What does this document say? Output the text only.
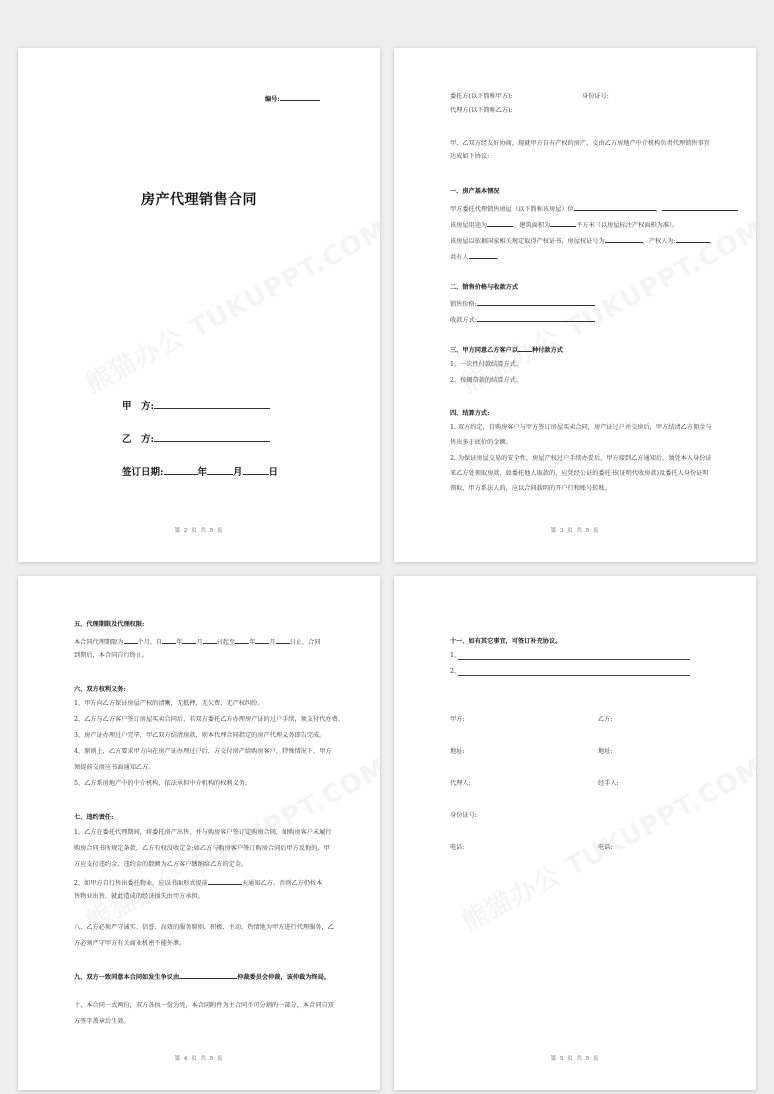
编号:
房产代理销售合同
甲　方:
乙　方:
签订日期:	年	月	日
第 2 页 共 5 页
委托方(以下简称甲方):	身份证号:
代理方(以下简称乙方):
甲、乙双方经友好协商，现就甲方自有产权的房产，交由乙方房地产中介机构负责代理销售事宜
达成如下协议:
一、房产基本情况
甲方委托代理销售房屋（以下简称该房屋）位	，
该房屋用途为	，建筑面积为	平方米（以房屋标注产权面积为准）。
该房屋以依据国家相关规定取得产权证书，房屋权证号为	，产权人为:	，
共有人	。
二、销售价格与收款方式
销售价格:
收款方式:
三、甲方同意乙方客户以 种付款方式
1、一次性付款结算方式。
2、按揭贷款的结算方式。
四、结算方式:
1. 双方约定，自购房客户与甲方签订房屋买卖合同，房产证过户并交房后，甲方结清乙方佣金与
售出多于底价的金额。
2. 为保证房屋交易的安全性，房屋产权过户手续办妥后，甲方接到乙方通知后，须凭本人身份证
来乙方处领取房款，如委托他人取款的，应凭经公证的委托书(证明代收房款)及委托人身份证明
领取，甲方系法人的，应以合同载明的开户行和账号转账。
第 3 页 共 5 页
五、代理期限及代理权限:
本合同代理期限为 个月，自 年 月 日起至 年 月 日止，合同
到期后，本合同自行终止。
六、双方权利义务:
1、甲方向乙方保证房屋产权的清晰，无抵押，无欠费，无产权纠纷。
2、乙方与乙方客户签订房屋买卖合同后，若双方委托乙方办理房产证的过户手续，须支付代办费。
3、房产证办理过户完毕，甲乙双方结清房款，则本代理合同指定的房产代理义务即告完成。
4、原则上，乙方要求甲方向在房产证办理过户后，方交付房产给购房客户，特殊情况下，甲方
须提前交房应书面通知乙方。
5、乙方系房地产中的中介机构，依法承担中介机构的权利义务。
七、违约责任:
1、乙方在委托代理期间，将委托房产出售，并与购房客户签订定购房合同，如购房客户未履行
购房合同书所规定条款，乙方有权没收定金;如乙方与购房客户签订购房合同后甲方反悔的，甲
方应支付违约金，违约金的数额为乙方客户缴纳给乙方的定金。
2、如甲方自行售出委托物业，应以书面形式提前	天通知乙方。否则乙方仍按本
售物业出售，就此造成的经济损失由甲方承担。
八、乙方必须严守诚实、信誉、高效的服务原则，积极、主动、热情地为甲方进行代理服务，乙
方必须严守甲方有关商业机密不能外泄。
九、双方一致同意本合同如发生争议由	仲裁委员会仲裁，该仲裁为终局。
十、本合同一式两份，双方各执一份为凭，本合同附件为主合同不可分割的一部分，本合同自双
方签字盖章后生效。
第 4 页 共 5 页
十一、如有其它事宜，可签订补充协议。
1、
2、
甲方:	乙方:
地址:	地址:
代理人:	经手人:
身份证号:
电话:	电话:
第 5 页 共 5 页
